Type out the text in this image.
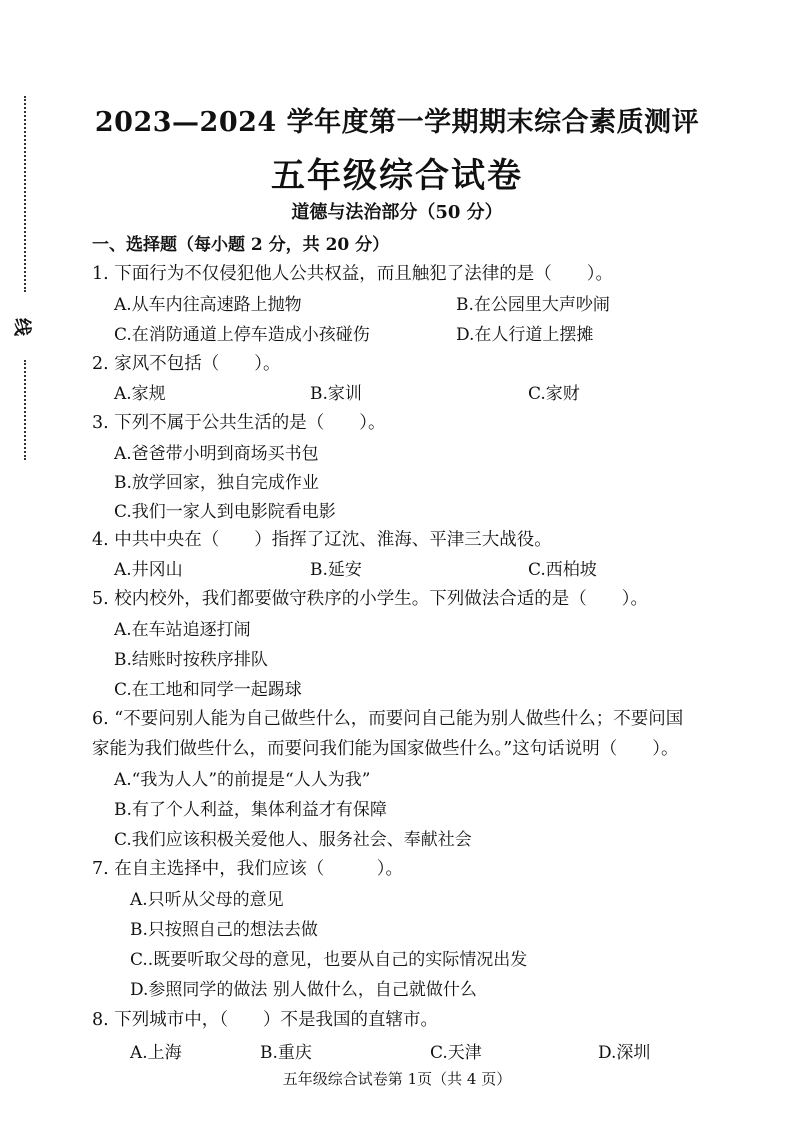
线
2023—2024 学年度第一学期期末综合素质测评
五年级综合试卷
道德与法治部分（50 分）
一、选择题（每小题 2 分，共 20 分）
1. 下面行为不仅侵犯他人公共权益，而且触犯了法律的是（　　）。
A.从车内往高速路上抛物	B.在公园里大声吵闹
C.在消防通道上停车造成小孩碰伤	D.在人行道上摆摊
2. 家风不包括（　　）。
A.家规	B.家训	C.家财
3. 下列不属于公共生活的是（　　）。
A.爸爸带小明到商场买书包
B.放学回家，独自完成作业
C.我们一家人到电影院看电影
4. 中共中央在（　　）指挥了辽沈、淮海、平津三大战役。
A.井冈山	B.延安	C.西柏坡
5. 校内校外，我们都要做守秩序的小学生。下列做法合适的是（　　）。
A.在车站追逐打闹
B.结账时按秩序排队
C.在工地和同学一起踢球
6. “不要问别人能为自己做些什么，而要问自己能为别人做些什么；不要问国
家能为我们做些什么，而要问我们能为国家做些什么。”这句话说明（　　）。
A.“我为人人”的前提是“人人为我”
B.有了个人利益，集体利益才有保障
C.我们应该积极关爱他人、服务社会、奉献社会
7. 在自主选择中，我们应该（　　　）。
A.只听从父母的意见
B.只按照自己的想法去做
C..既要听取父母的意见，也要从自己的实际情况出发
D.参照同学的做法 别人做什么，自己就做什么
8. 下列城市中，（　　）不是我国的直辖市。
A.上海	B.重庆	C.天津	D.深圳
五年级综合试卷第 1页（共 4 页）
